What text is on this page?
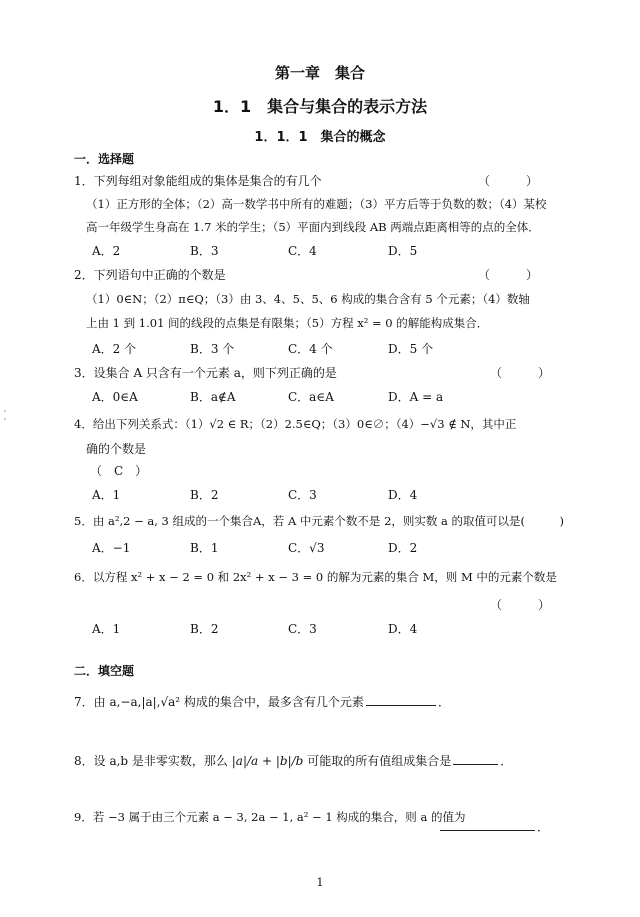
第一章　集合
1．1　集合与集合的表示方法
1．1．1　集合的概念
一．选择题
1．下列每组对象能组成的集体是集合的有几个	（　　　）
（1）正方形的全体；（2）高一数学书中所有的难题；（3）平方后等于负数的数；（4）某校
高一年级学生身高在 1.7 米的学生；（5）平面内到线段 AB 两端点距离相等的点的全体．
A．2	B．3	C．4	D．5
2．下列语句中正确的个数是	（　　　）
（1）0∈N；（2）π∈Q；（3）由 3、4、5、5、6 构成的集合含有 5 个元素；（4）数轴
上由 1 到 1.01 间的线段的点集是有限集；（5）方程 x² = 0 的解能构成集合．
A．2 个	B．3 个	C．4 个	D．5 个
3．设集合 A 只含有一个元素 a，则下列正确的是	（　　　）
A．0∈A	B．a∉A	C．a∈A	D．A = a
4．给出下列关系式：（1）√2 ∈ R；（2）2.5∈Q；（3）0∈∅；（4）−√3 ∉ N，其中正
确的个数是
（　C　）
A．1	B．2	C．3	D．4
5．由 a²,2 − a, 3 组成的一个集合A，若 A 中元素个数不是 2，则实数 a 的取值可以是(　　　)
A．−1	B．1	C．√3	D．2
6．以方程 x² + x − 2 = 0 和 2x² + x − 3 = 0 的解为元素的集合 M，则 M 中的元素个数是
（　　　）
A．1	B．2	C．3	D．4
二．填空题
7．由 a,−a,|a|,√a² 构成的集合中，最多含有几个元素	．
8．设 a,b 是非零实数，那么 |a|/a + |b|/b 可能取的所有值组成集合是	．
9．若 −3 属于由三个元素 a − 3, 2a − 1, a² − 1 构成的集合，则 a 的值为
．
1
